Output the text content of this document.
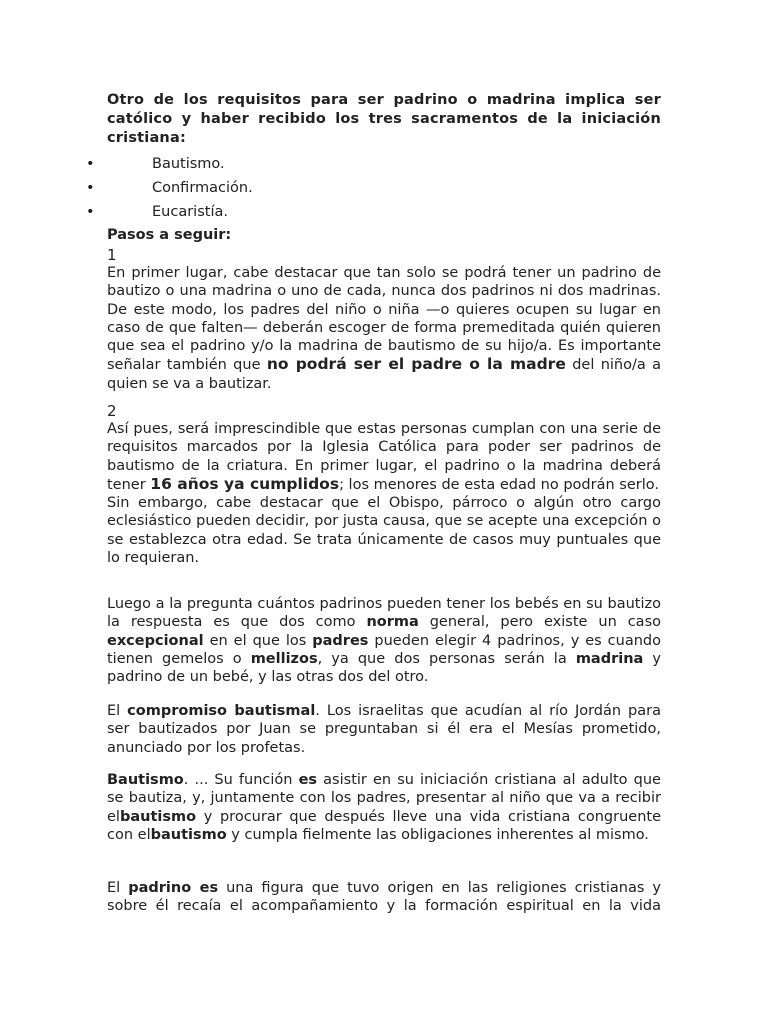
Otro de los requisitos para ser padrino o madrina implica ser católico y haber recibido los tres sacramentos de la iniciación cristiana:

•	Bautismo.
•	Confirmación.
•	Eucaristía.

Pasos a seguir:

1

En primer lugar, cabe destacar que tan solo se podrá tener un padrino de bautizo o una madrina o uno de cada, nunca dos padrinos ni dos madrinas. De este modo, los padres del niño o niña —o quieres ocupen su lugar en caso de que falten— deberán escoger de forma premeditada quién quieren que sea el padrino y/o la madrina de bautismo de su hijo/a. Es importante señalar también que no podrá ser el padre o la madre del niño/a a quien se va a bautizar.

2

Así pues, será imprescindible que estas personas cumplan con una serie de requisitos marcados por la Iglesia Católica para poder ser padrinos de bautismo de la criatura. En primer lugar, el padrino o la madrina deberá tener 16 años ya cumplidos; los menores de esta edad no podrán serlo.

Sin embargo, cabe destacar que el Obispo, párroco o algún otro cargo eclesiástico pueden decidir, por justa causa, que se acepte una excepción o se establezca otra edad. Se trata únicamente de casos muy puntuales que lo requieran.

Luego a la pregunta cuántos padrinos pueden tener los bebés en su bautizo la respuesta es que dos como norma general, pero existe un caso excepcional en el que los padres pueden elegir 4 padrinos, y es cuando tienen gemelos o mellizos, ya que dos personas serán la madrina y padrino de un bebé, y las otras dos del otro.

El compromiso bautismal. Los israelitas que acudían al río Jordán para ser bautizados por Juan se preguntaban si él era el Mesías prometido, anunciado por los profetas.

Bautismo. ... Su función es asistir en su iniciación cristiana al adulto que se bautiza, y, juntamente con los padres, presentar al niño que va a recibir elbautismo y procurar que después lleve una vida cristiana congruente con elbautismo y cumpla fielmente las obligaciones inherentes al mismo.

El padrino es una figura que tuvo origen en las religiones cristianas y sobre él recaía el acompañamiento y la formación espiritual en la vida
